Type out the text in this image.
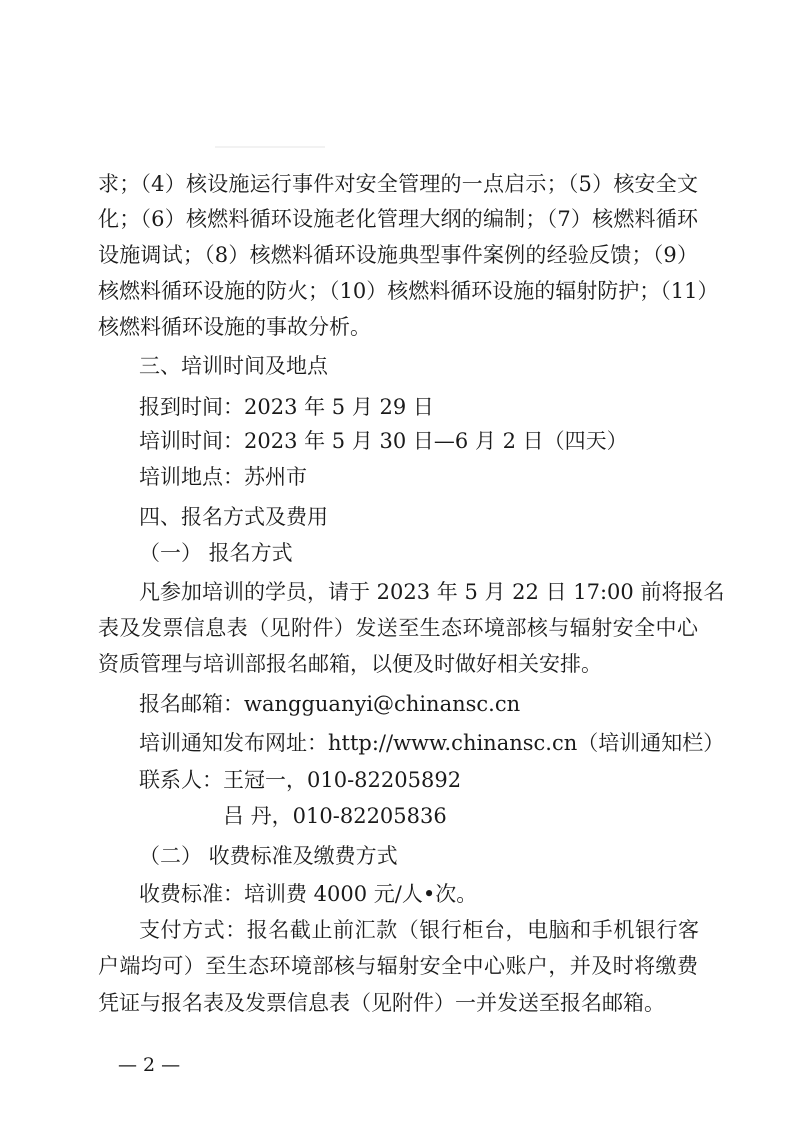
求；（4）核设施运行事件对安全管理的一点启示；（5）核安全文
化；（6）核燃料循环设施老化管理大纲的编制；（7）核燃料循环
设施调试；（8）核燃料循环设施典型事件案例的经验反馈；（9）
核燃料循环设施的防火；（10）核燃料循环设施的辐射防护；（11）
核燃料循环设施的事故分析。
三、培训时间及地点
报到时间：2023 年 5 月 29 日
培训时间：2023 年 5 月 30 日—6 月 2 日（四天）
培训地点：苏州市
四、报名方式及费用
（一） 报名方式
凡参加培训的学员，请于 2023 年 5 月 22 日 17:00 前将报名
表及发票信息表（见附件）发送至生态环境部核与辐射安全中心
资质管理与培训部报名邮箱，以便及时做好相关安排。
报名邮箱：wangguanyi@chinansc.cn
培训通知发布网址：http://www.chinansc.cn（培训通知栏）
联系人：王冠一，010-82205892
吕 丹，010-82205836
（二） 收费标准及缴费方式
收费标准：培训费 4000 元/人•次。
支付方式：报名截止前汇款（银行柜台，电脑和手机银行客
户端均可）至生态环境部核与辐射安全中心账户，并及时将缴费
凭证与报名表及发票信息表（见附件）一并发送至报名邮箱。
— 2 —
